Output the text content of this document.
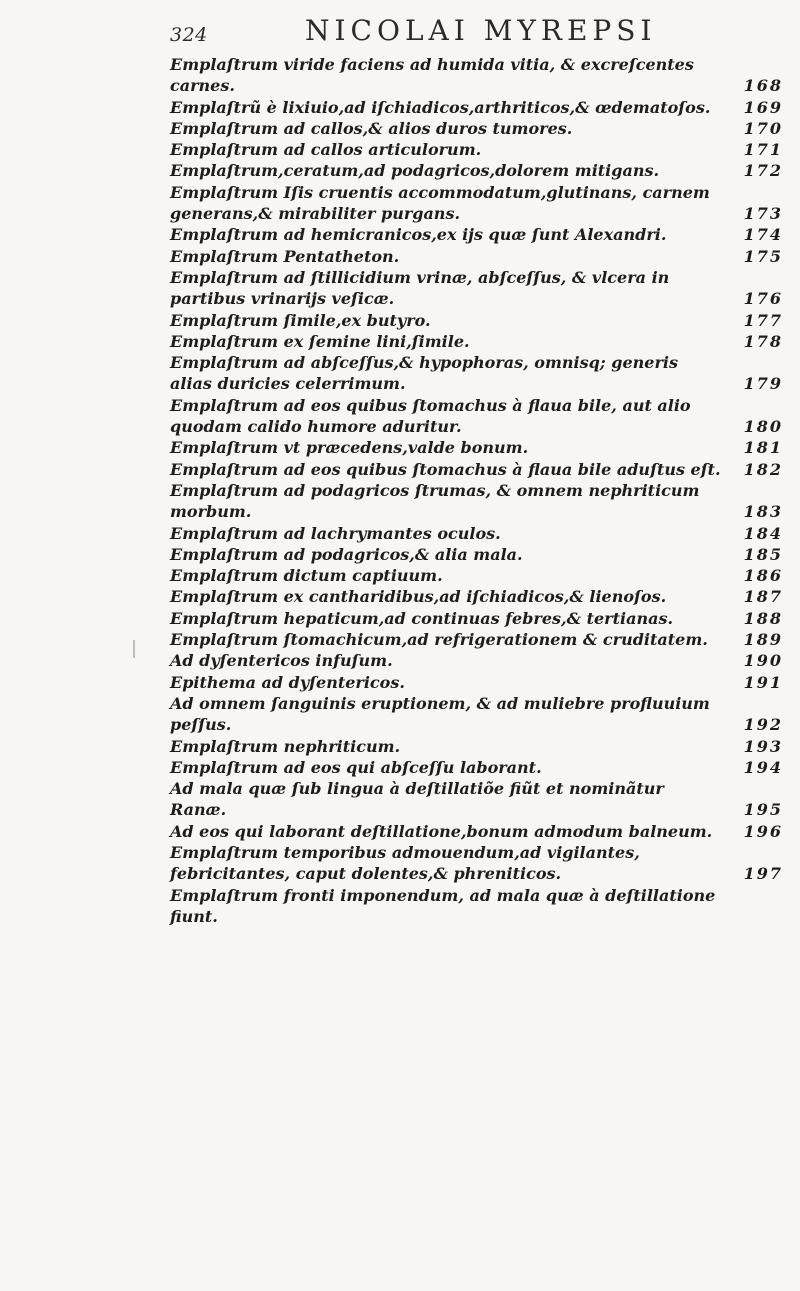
324	NICOLAI MYREPSI

Emplaſtrum viride faciens ad humida vitia, & excreſcentes carnes.	168

Emplaſtrũ è lixiuio,ad iſchiadicos,arthriticos,& œdematoſos.	169

Emplaſtrum ad callos,& alios duros tumores.	170

Emplaſtrum ad callos articulorum.	171

Emplaſtrum,ceratum,ad podagricos,dolorem mitigans.	172

Emplaſtrum Iſis cruentis accommodatum,glutinans, carnem generans,& mirabiliter purgans.	173

Emplaſtrum ad hemicranicos,ex ijs quæ ſunt Alexandri.	174

Emplaſtrum Pentatheton.	175

Emplaſtrum ad ſtillicidium vrinæ, abſceſſus, & vlcera in partibus vrinarijs veſicæ.	176

Emplaſtrum ſimile,ex butyro.	177

Emplaſtrum ex ſemine lini,ſimile.	178

Emplaſtrum ad abſceſſus,& hypophoras, omnisq; generis alias duricies celerrimum.	179

Emplaſtrum ad eos quibus ſtomachus à flaua bile, aut alio quodam calido humore aduritur.	180

Emplaſtrum vt præcedens,valde bonum.	181

Emplaſtrum ad eos quibus ſtomachus à flaua bile aduſtus eſt.	182

Emplaſtrum ad podagricos ſtrumas, & omnem nephriticum morbum.	183

Emplaſtrum ad lachrymantes oculos.	184

Emplaſtrum ad podagricos,& alia mala.	185

Emplaſtrum dictum captiuum.	186

Emplaſtrum ex cantharidibus,ad iſchiadicos,& lienoſos.	187

Emplaſtrum hepaticum,ad continuas febres,& tertianas.	188

Emplaſtrum ſtomachicum,ad refrigerationem & cruditatem.	189

Ad dyſentericos infuſum.	190

Epithema ad dyſentericos.	191

Ad omnem ſanguinis eruptionem, & ad muliebre profluuium peſſus.	192

Emplaſtrum nephriticum.	193

Emplaſtrum ad eos qui abſceſſu laborant.	194

Ad mala quæ ſub lingua à deſtillatiõe fiũt et nominãtur Ranæ.	195

Ad eos qui laborant deſtillatione,bonum admodum balneum.	196

Emplaſtrum temporibus admouendum,ad vigilantes, febricitantes, caput dolentes,& phreniticos.	197

Emplaſtrum fronti imponendum, ad mala quæ à deſtillatione fiunt.
